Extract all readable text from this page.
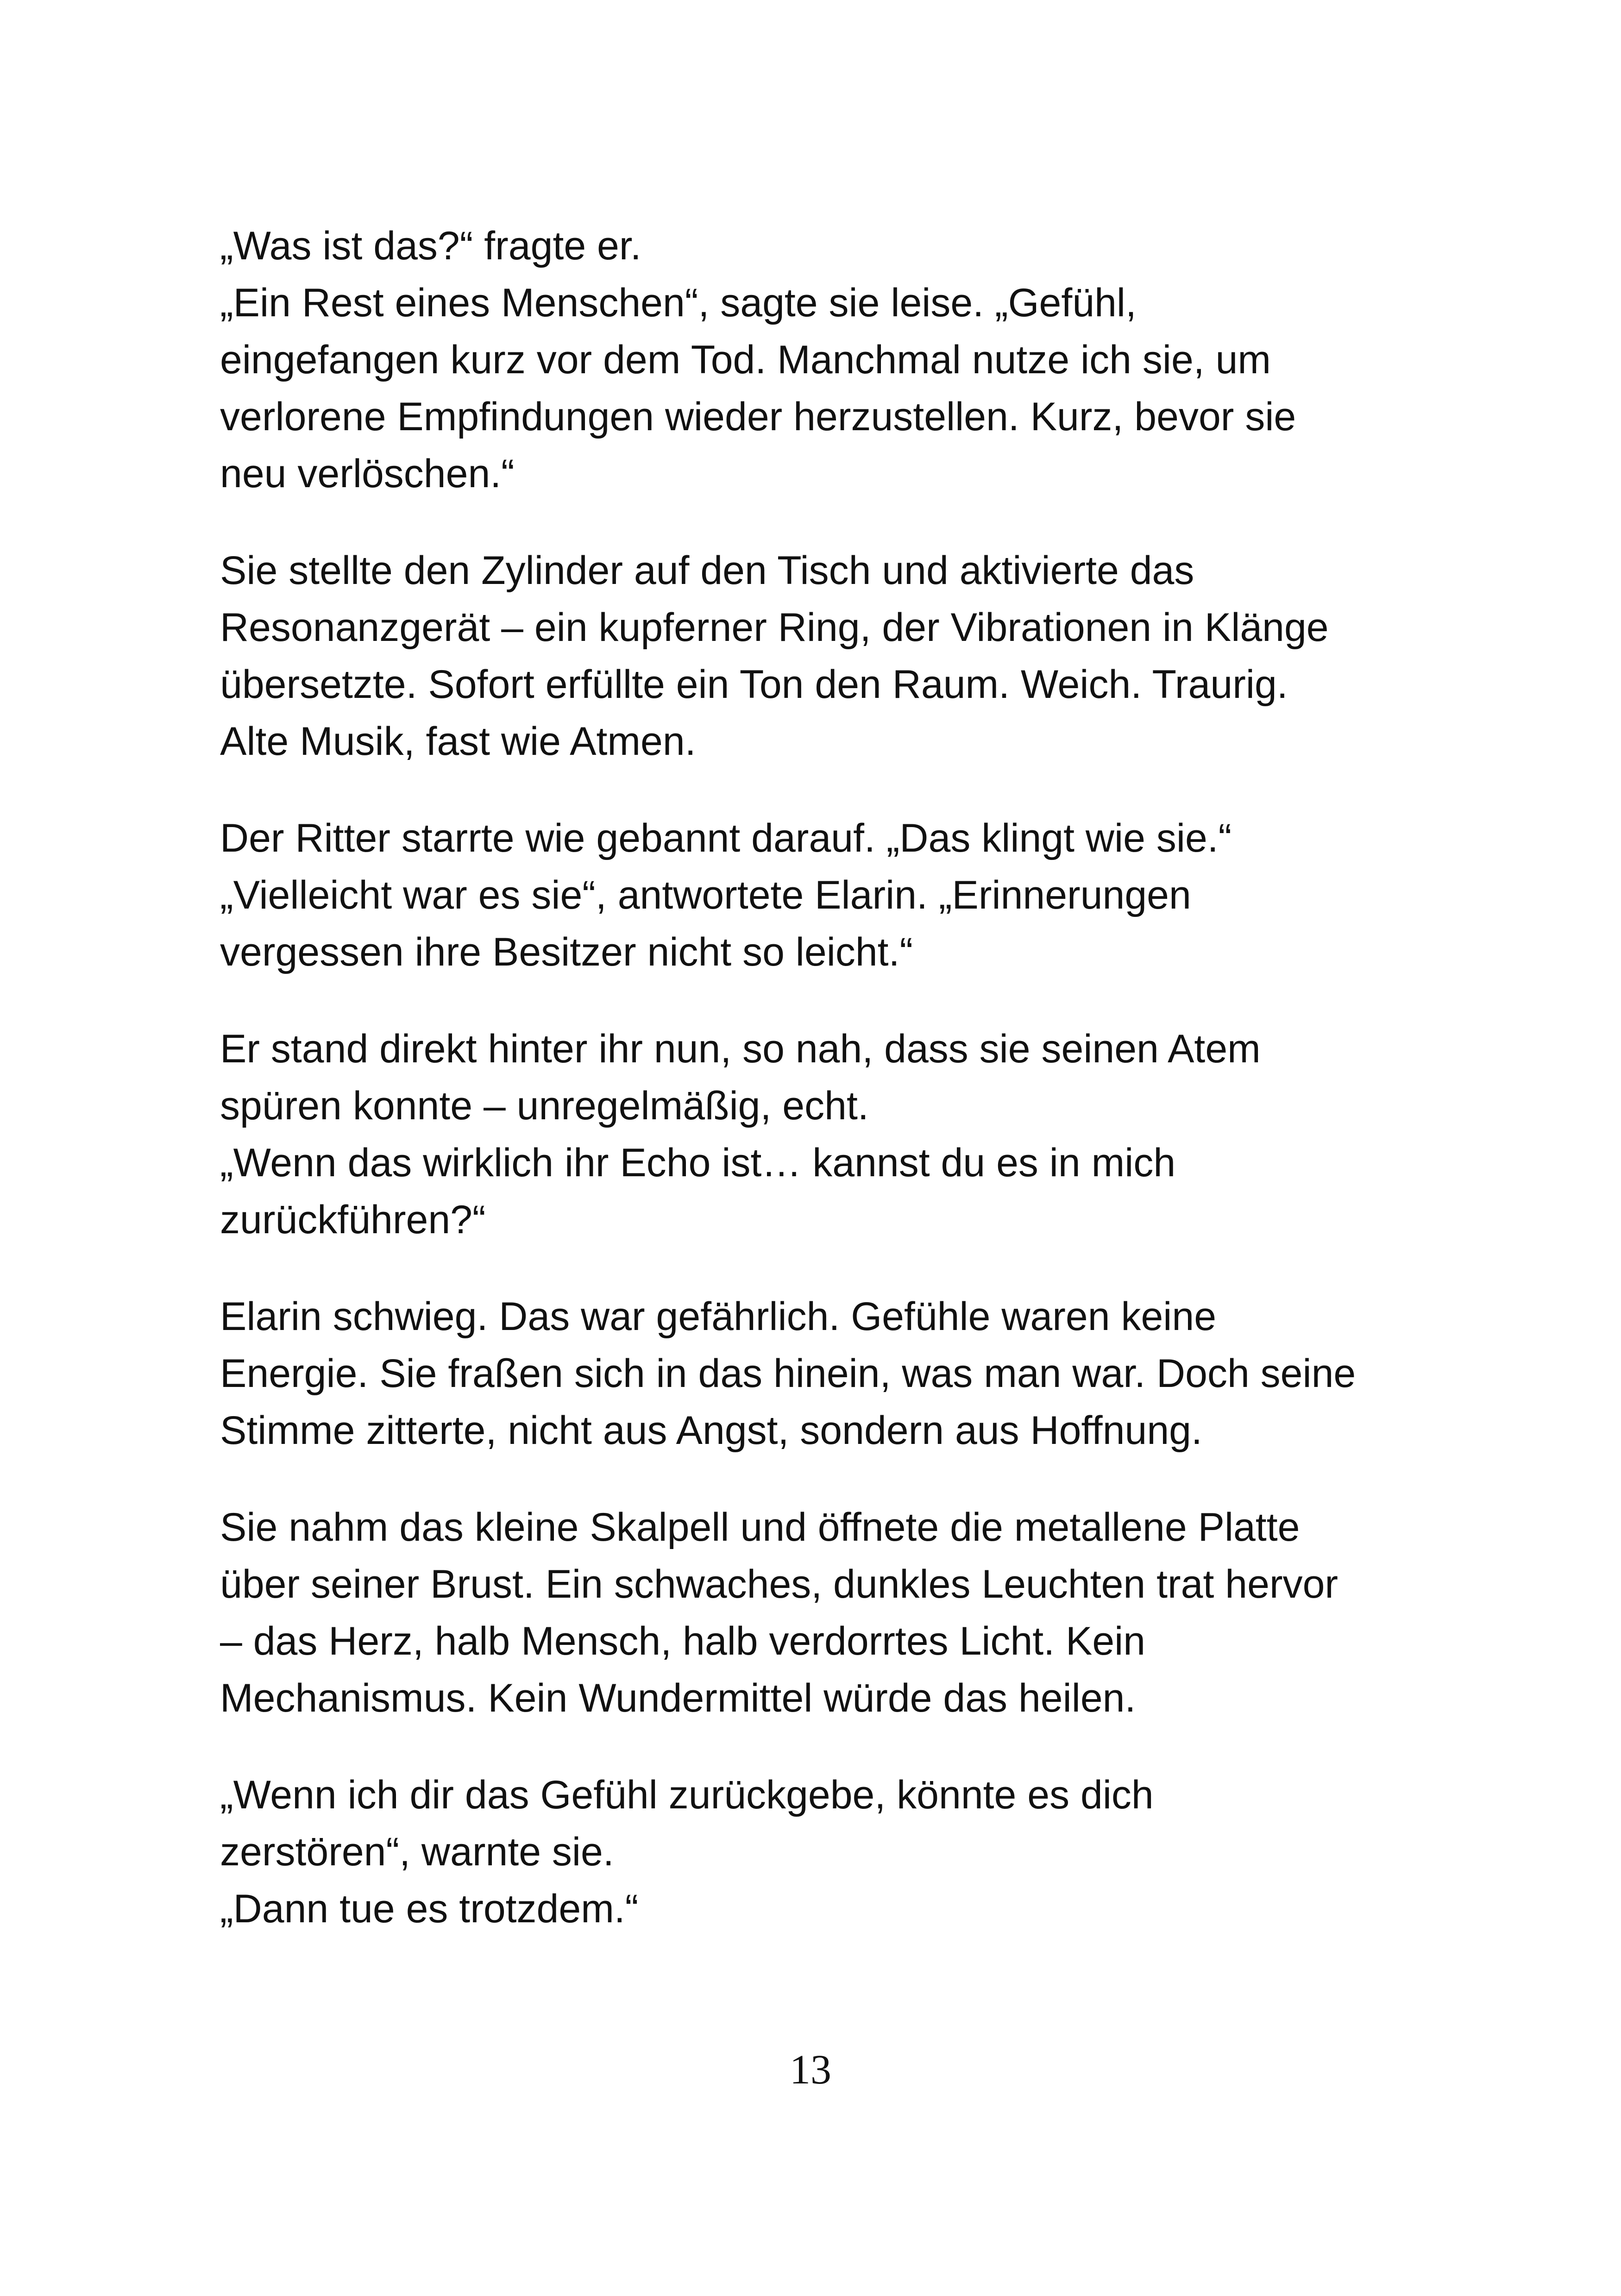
„Was ist das?“ fragte er.
„Ein Rest eines Menschen“, sagte sie leise. „Gefühl,
eingefangen kurz vor dem Tod. Manchmal nutze ich sie, um
verlorene Empfindungen wieder herzustellen. Kurz, bevor sie
neu verlöschen.“

Sie stellte den Zylinder auf den Tisch und aktivierte das
Resonanzgerät – ein kupferner Ring, der Vibrationen in Klänge
übersetzte. Sofort erfüllte ein Ton den Raum. Weich. Traurig.
Alte Musik, fast wie Atmen.

Der Ritter starrte wie gebannt darauf. „Das klingt wie sie.“
„Vielleicht war es sie“, antwortete Elarin. „Erinnerungen
vergessen ihre Besitzer nicht so leicht.“

Er stand direkt hinter ihr nun, so nah, dass sie seinen Atem
spüren konnte – unregelmäßig, echt.
„Wenn das wirklich ihr Echo ist… kannst du es in mich
zurückführen?“

Elarin schwieg. Das war gefährlich. Gefühle waren keine
Energie. Sie fraßen sich in das hinein, was man war. Doch seine
Stimme zitterte, nicht aus Angst, sondern aus Hoffnung.

Sie nahm das kleine Skalpell und öffnete die metallene Platte
über seiner Brust. Ein schwaches, dunkles Leuchten trat hervor
– das Herz, halb Mensch, halb verdorrtes Licht. Kein
Mechanismus. Kein Wundermittel würde das heilen.

„Wenn ich dir das Gefühl zurückgebe, könnte es dich
zerstören“, warnte sie.
„Dann tue es trotzdem.“

13
